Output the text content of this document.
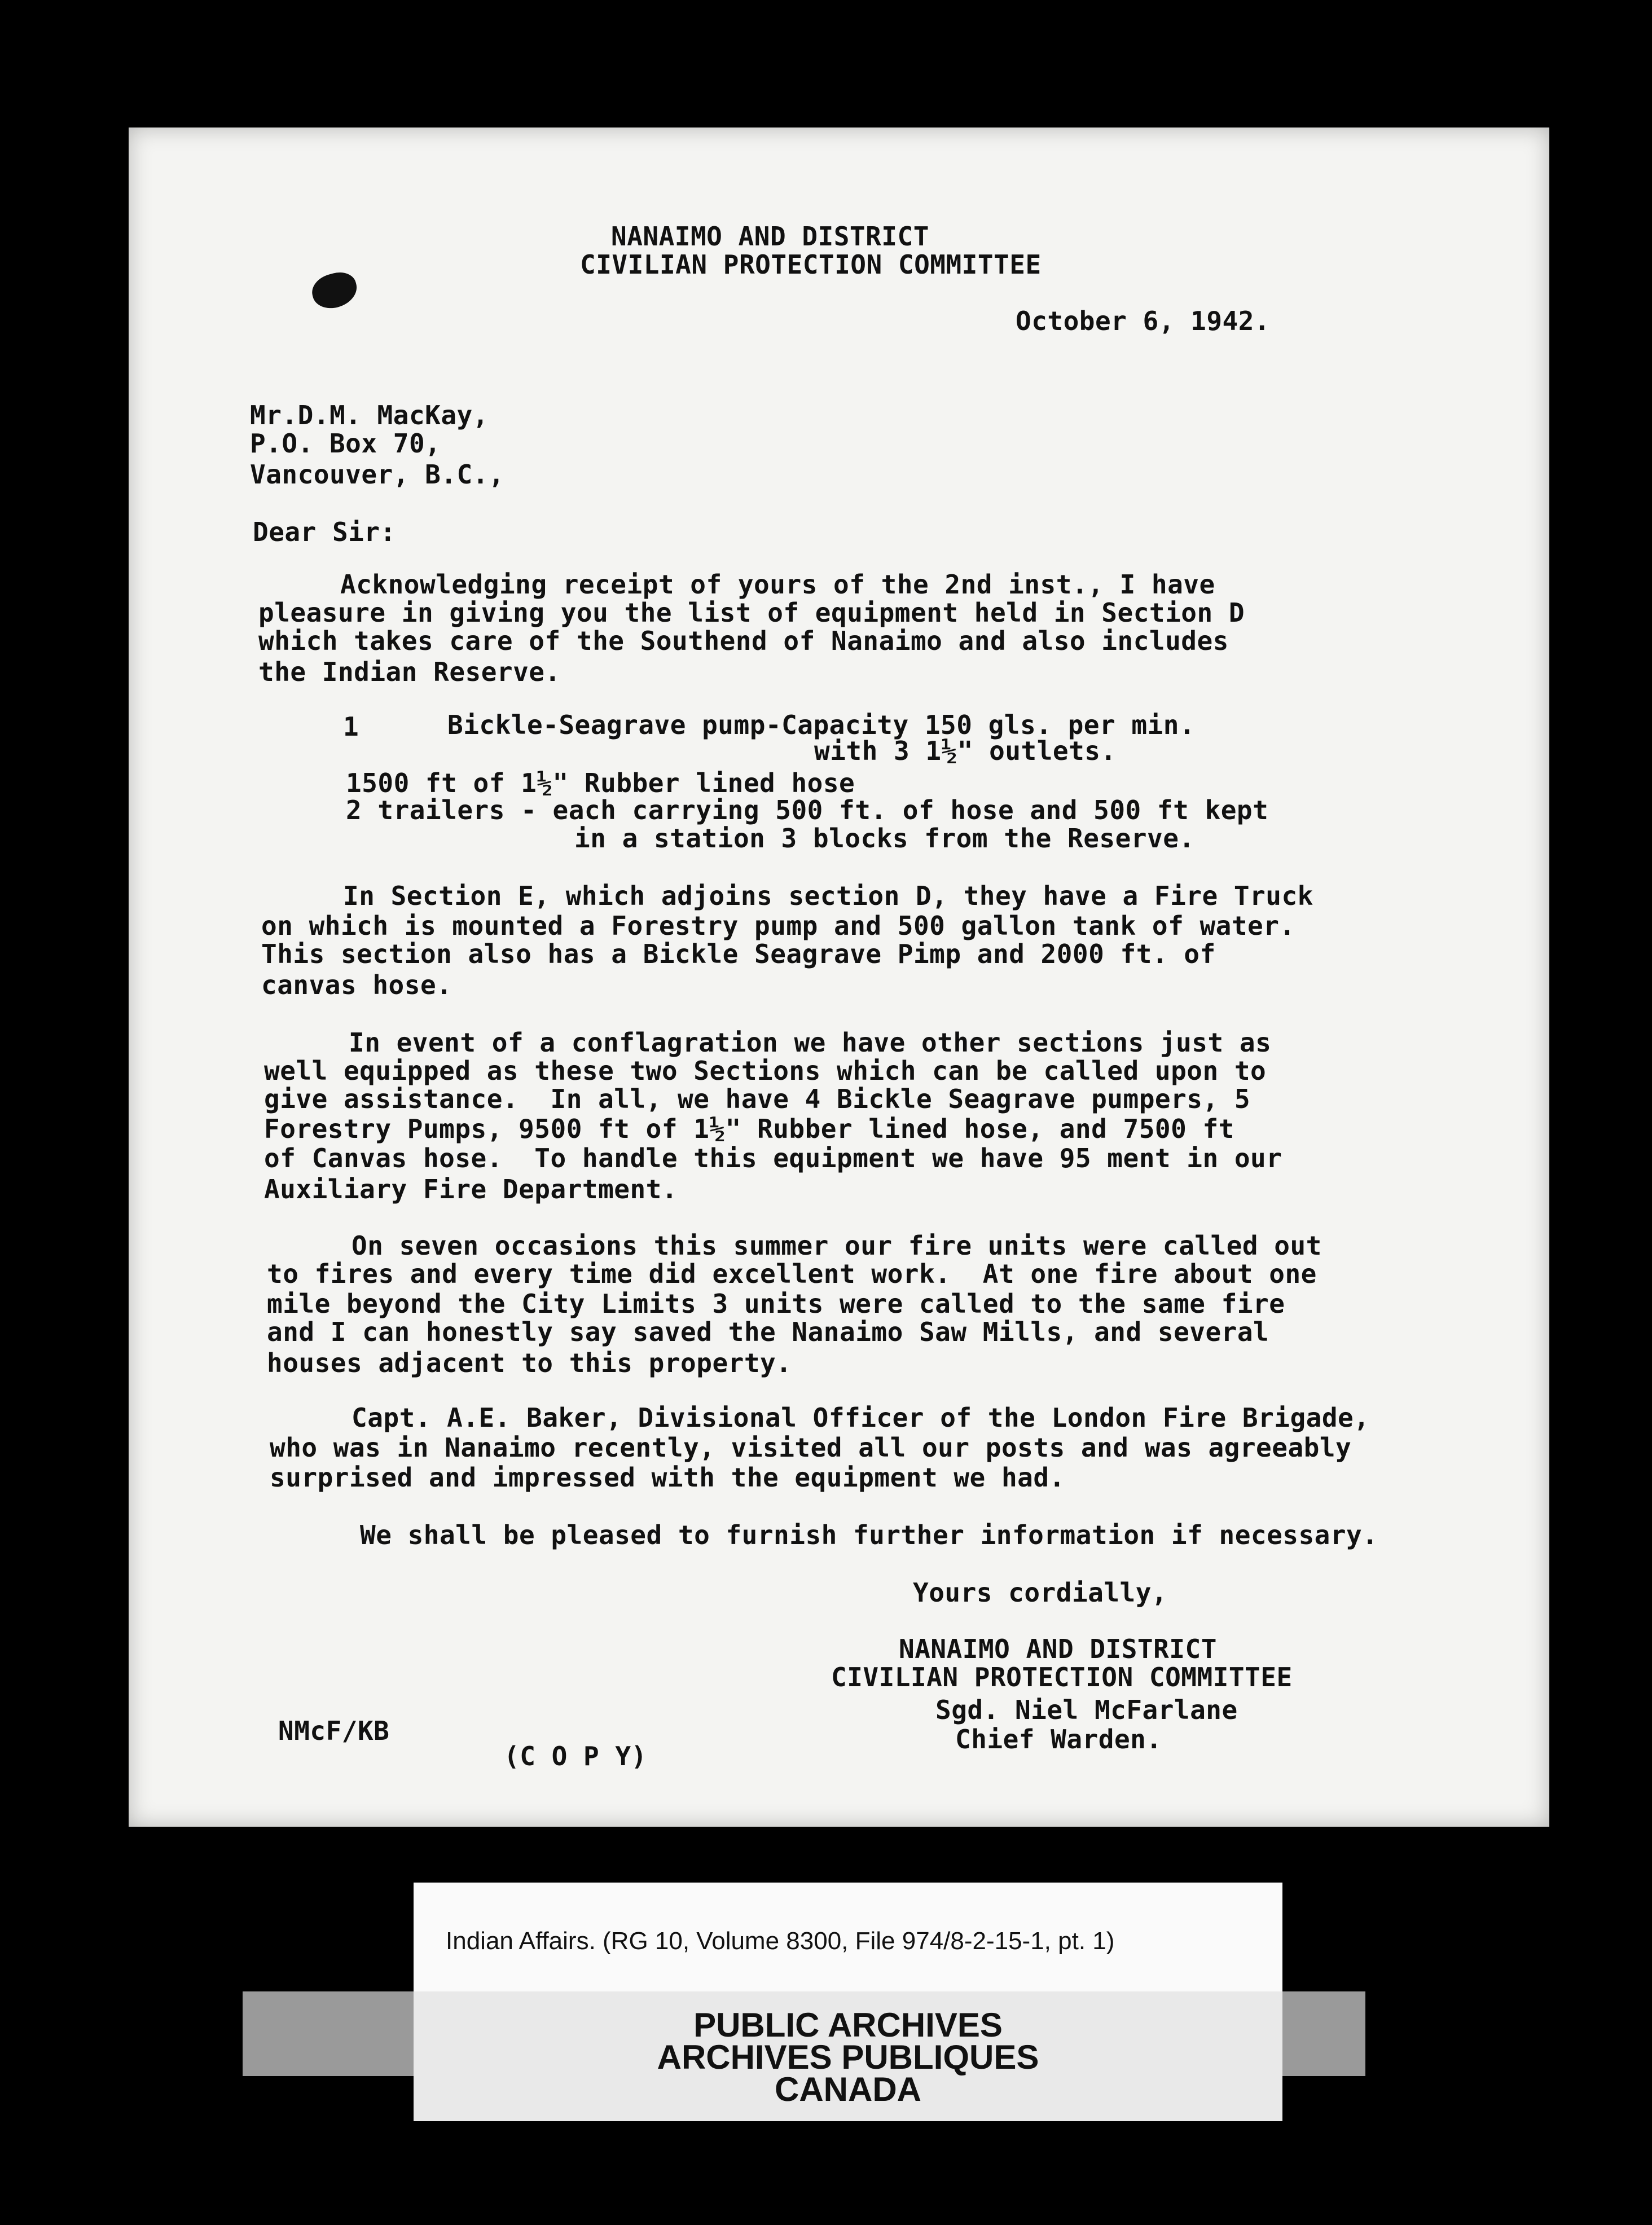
NANAIMO AND DISTRICT
CIVILIAN PROTECTION COMMITTEE
October 6, 1942.
Mr.D.M. MacKay,
P.O. Box 70,
Vancouver, B.C.,
Dear Sir:
Acknowledging receipt of yours of the 2nd inst., I have
pleasure in giving you the list of equipment held in Section D
which takes care of the Southend of Nanaimo and also includes
the Indian Reserve.
1	Bickle-Seagrave pump-Capacity 150 gls. per min.
with 3 1½" outlets.
1500 ft of 1½" Rubber lined hose
2 trailers - each carrying 500 ft. of hose and 500 ft kept
in a station 3 blocks from the Reserve.
In Section E, which adjoins section D, they have a Fire Truck
on which is mounted a Forestry pump and 500 gallon tank of water.
This section also has a Bickle Seagrave Pimp and 2000 ft. of
canvas hose.
In event of a conflagration we have other sections just as
well equipped as these two Sections which can be called upon to
give assistance.  In all, we have 4 Bickle Seagrave pumpers, 5
Forestry Pumps, 9500 ft of 1½" Rubber lined hose, and 7500 ft
of Canvas hose.  To handle this equipment we have 95 ment in our
Auxiliary Fire Department.
On seven occasions this summer our fire units were called out
to fires and every time did excellent work.  At one fire about one
mile beyond the City Limits 3 units were called to the same fire
and I can honestly say saved the Nanaimo Saw Mills, and several
houses adjacent to this property.
Capt. A.E. Baker, Divisional Officer of the London Fire Brigade,
who was in Nanaimo recently, visited all our posts and was agreeably
surprised and impressed with the equipment we had.
We shall be pleased to furnish further information if necessary.
Yours cordially,
NANAIMO AND DISTRICT
CIVILIAN PROTECTION COMMITTEE
Sgd. Niel McFarlane
Chief Warden.
NMcF/KB
(C O P Y)
Indian Affairs. (RG 10, Volume 8300, File 974/8-2-15-1, pt. 1)
PUBLIC ARCHIVES
ARCHIVES PUBLIQUES
CANADA
